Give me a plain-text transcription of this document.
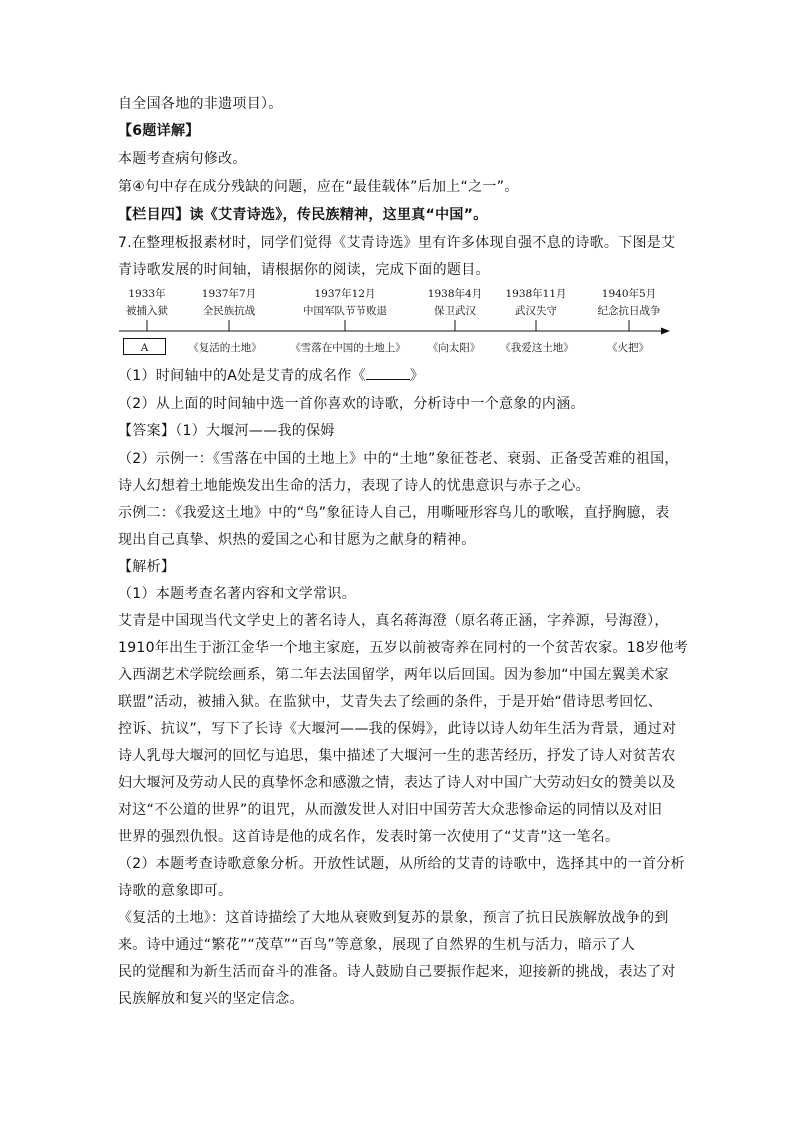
自全国各地的非遗项目）。
【6题详解】
本题考查病句修改。
第④句中存在成分残缺的问题，应在“最佳载体”后加上“之一”。
【栏目四】读《艾青诗选》，传民族精神，这里真“中国”。
7.在整理板报素材时，同学们觉得《艾青诗选》里有许多体现自强不息的诗歌。下图是艾
青诗歌发展的时间轴，请根据你的阅读，完成下面的题目。
1933年
被捕入狱
1937年7月
全民族抗战
1937年12月
中国军队节节败退
1938年4月
保卫武汉
1938年11月
武汉失守
1940年5月
纪念抗日战争
A	《复活的土地》	《雪落在中国的土地上》 《向太阳》 《我爱这土地》	《火把》
（1）时间轴中的A处是艾青的成名作《	》
（2）从上面的时间轴中选一首你喜欢的诗歌，分析诗中一个意象的内涵。
【答案】（1）大堰河——我的保姆
（2）示例一：《雪落在中国的土地上》中的“土地”象征苍老、衰弱、正备受苦难的祖国，
诗人幻想着土地能焕发出生命的活力，表现了诗人的忧患意识与赤子之心。
示例二：《我爱这土地》中的“鸟”象征诗人自己，用嘶哑形容鸟儿的歌喉，直抒胸臆，表
现出自己真挚、炽热的爱国之心和甘愿为之献身的精神。
【解析】
（1）本题考查名著内容和文学常识。
艾青是中国现当代文学史上的著名诗人，真名蒋海澄（原名蒋正涵，字养源，号海澄），
1910年出生于浙江金华一个地主家庭，五岁以前被寄养在同村的一个贫苦农家。18岁他考
入西湖艺术学院绘画系，第二年去法国留学，两年以后回国。因为参加“中国左翼美术家
联盟”活动，被捕入狱。在监狱中，艾青失去了绘画的条件，于是开始“借诗思考回忆、
控诉、抗议”，写下了长诗《大堰河——我的保姆》，此诗以诗人幼年生活为背景，通过对
诗人乳母大堰河的回忆与追思，集中描述了大堰河一生的悲苦经历，抒发了诗人对贫苦农
妇大堰河及劳动人民的真挚怀念和感激之情，表达了诗人对中国广大劳动妇女的赞美以及
对这“不公道的世界”的诅咒，从而激发世人对旧中国劳苦大众悲惨命运的同情以及对旧
世界的强烈仇恨。这首诗是他的成名作，发表时第一次使用了“艾青”这一笔名。
（2）本题考查诗歌意象分析。开放性试题，从所给的艾青的诗歌中，选择其中的一首分析
诗歌的意象即可。
《复活的土地》：这首诗描绘了大地从衰败到复苏的景象，预言了抗日民族解放战争的到
来。诗中通过“繁花”“茂草”“百鸟”等意象，展现了自然界的生机与活力，暗示了人
民的觉醒和为新生活而奋斗的准备。诗人鼓励自己要振作起来，迎接新的挑战，表达了对
民族解放和复兴的坚定信念。
